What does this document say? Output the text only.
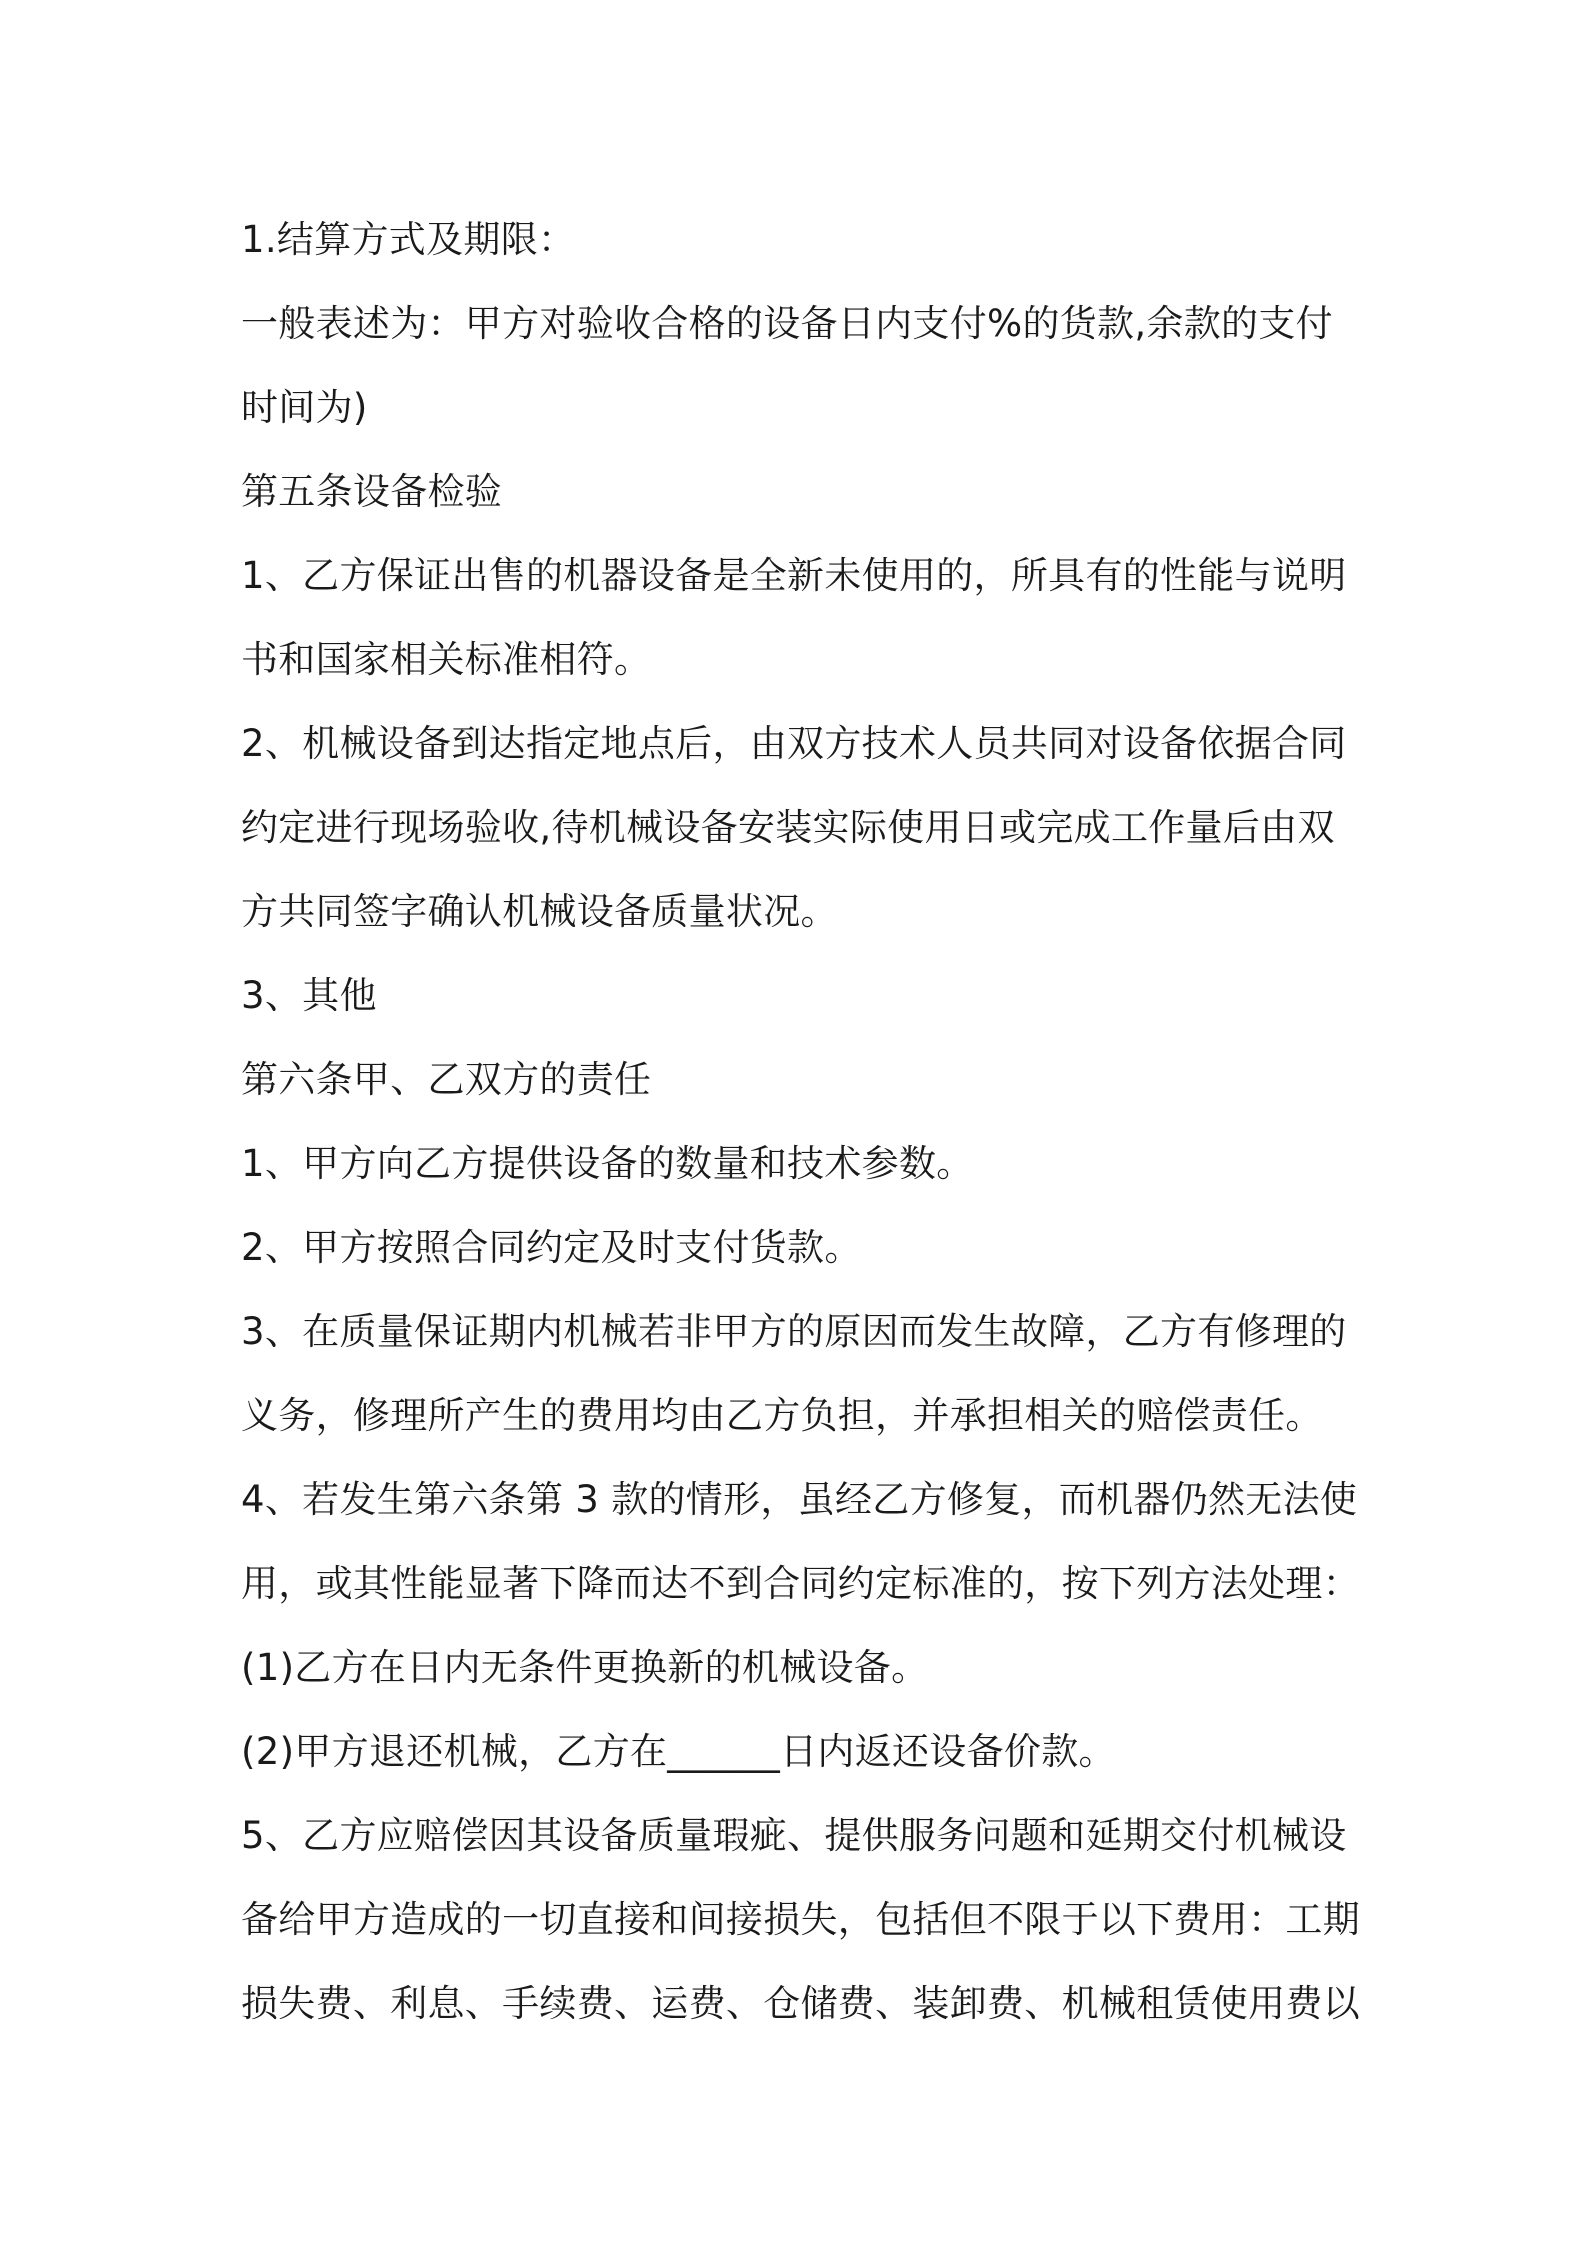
1.结算方式及期限：
一般表述为：甲方对验收合格的设备日内支付%的货款,余款的支付
时间为)
第五条设备检验
1、乙方保证出售的机器设备是全新未使用的，所具有的性能与说明
书和国家相关标准相符。
2、机械设备到达指定地点后，由双方技术人员共同对设备依据合同
约定进行现场验收,待机械设备安装实际使用日或完成工作量后由双
方共同签字确认机械设备质量状况。
3、其他
第六条甲、乙双方的责任
1、甲方向乙方提供设备的数量和技术参数。
2、甲方按照合同约定及时支付货款。
3、在质量保证期内机械若非甲方的原因而发生故障，乙方有修理的
义务，修理所产生的费用均由乙方负担，并承担相关的赔偿责任。
4、若发生第六条第 3 款的情形，虽经乙方修复，而机器仍然无法使
用，或其性能显著下降而达不到合同约定标准的，按下列方法处理：
(1)乙方在日内无条件更换新的机械设备。
(2)甲方退还机械，乙方在______日内返还设备价款。
5、乙方应赔偿因其设备质量瑕疵、提供服务问题和延期交付机械设
备给甲方造成的一切直接和间接损失，包括但不限于以下费用：工期
损失费、利息、手续费、运费、仓储费、装卸费、机械租赁使用费以
